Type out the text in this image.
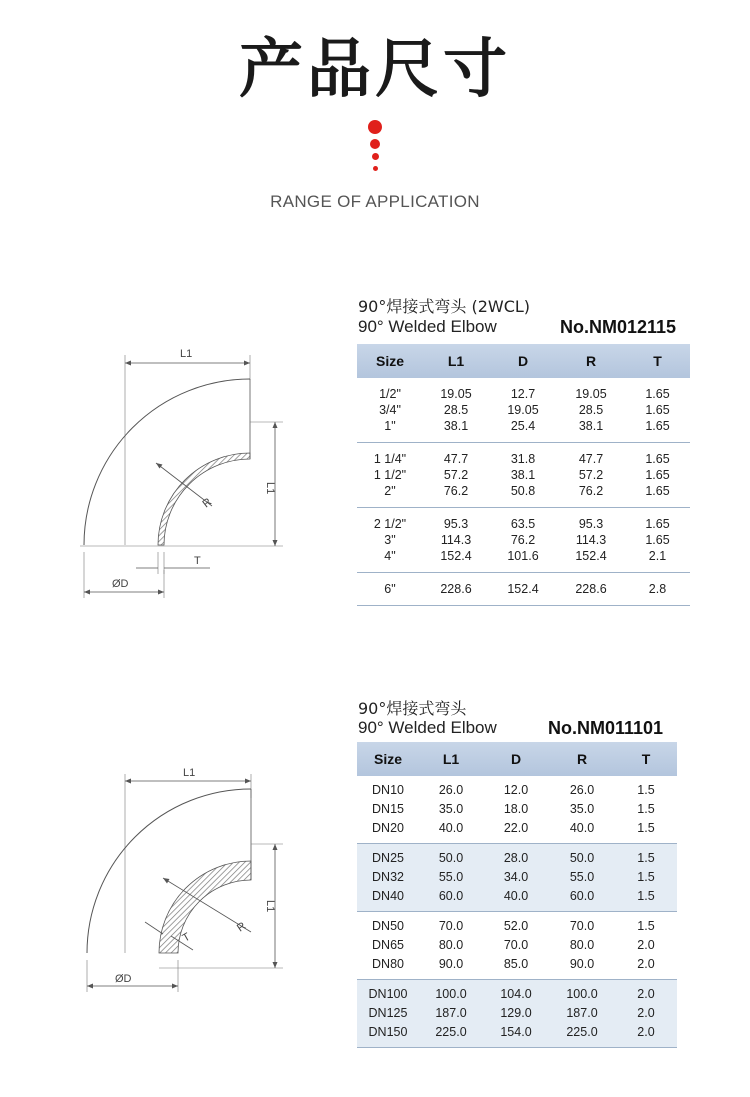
产品尺寸
RANGE OF APPLICATION
L1
L1
R
T
ØD
90°焊接式弯头 (2WCL)
90° Welded Elbow	No.NM012115
Size	L1	D	R	T
1/2"	19.05	12.7	19.05	1.65
3/4"	28.5	19.05	28.5	1.65
1"	38.1	25.4	38.1	1.65
1 1/4"	47.7	31.8	47.7	1.65
1 1/2"	57.2	38.1	57.2	1.65
2"	76.2	50.8	76.2	1.65
2 1/2"	95.3	63.5	95.3	1.65
3"	114.3	76.2	114.3	1.65
4"	152.4	101.6	152.4	2.1
6"	228.6	152.4	228.6	2.8
L1
L1
R
T
ØD
90°焊接式弯头
90° Welded Elbow	No.NM011101
Size	L1	D	R	T
DN10	26.0	12.0	26.0	1.5
DN15	35.0	18.0	35.0	1.5
DN20	40.0	22.0	40.0	1.5
DN25	50.0	28.0	50.0	1.5
DN32	55.0	34.0	55.0	1.5
DN40	60.0	40.0	60.0	1.5
DN50	70.0	52.0	70.0	1.5
DN65	80.0	70.0	80.0	2.0
DN80	90.0	85.0	90.0	2.0
DN100	100.0	104.0	100.0	2.0
DN125	187.0	129.0	187.0	2.0
DN150	225.0	154.0	225.0	2.0
